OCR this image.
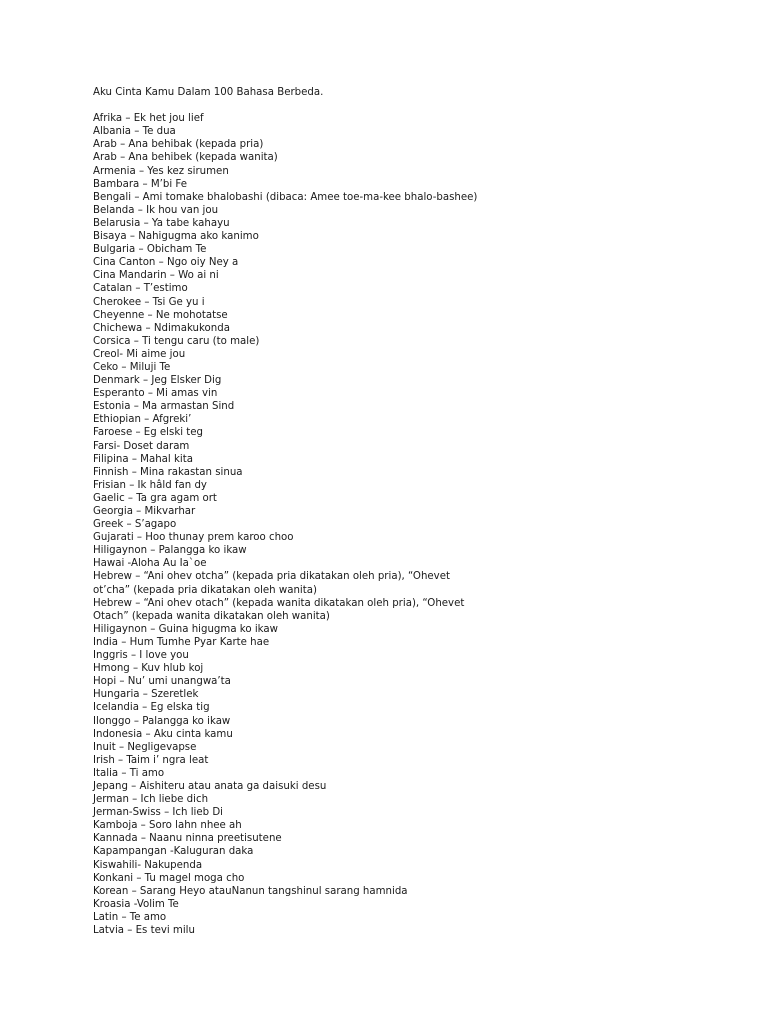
Aku Cinta Kamu Dalam 100 Bahasa Berbeda.
Afrika – Ek het jou lief
Albania – Te dua
Arab – Ana behibak (kepada pria)
Arab – Ana behibek (kepada wanita)
Armenia – Yes kez sirumen
Bambara – M’bi Fe
Bengali – Ami tomake bhalobashi (dibaca: Amee toe-ma-kee bhalo-bashee)
Belanda – Ik hou van jou
Belarusia – Ya tabe kahayu
Bisaya – Nahigugma ako kanimo
Bulgaria – Obicham Te
Cina Canton – Ngo oiy Ney a
Cina Mandarin – Wo ai ni
Catalan – T’estimo
Cherokee – Tsi Ge yu i
Cheyenne – Ne mohotatse
Chichewa – Ndimakukonda
Corsica – Ti tengu caru (to male)
Creol- Mi aime jou
Ceko – Miluji Te
Denmark – Jeg Elsker Dig
Esperanto – Mi amas vin
Estonia – Ma armastan Sind
Ethiopian – Afgreki’
Faroese – Eg elski teg
Farsi- Doset daram
Filipina – Mahal kita
Finnish – Mina rakastan sinua
Frisian – Ik hâld fan dy
Gaelic – Ta gra agam ort
Georgia – Mikvarhar
Greek – S’agapo
Gujarati – Hoo thunay prem karoo choo
Hiligaynon – Palangga ko ikaw
Hawai -Aloha Au Ia`oe
Hebrew – “Ani ohev otcha” (kepada pria dikatakan oleh pria), “Ohevet
ot’cha” (kepada pria dikatakan oleh wanita)
Hebrew – “Ani ohev otach” (kepada wanita dikatakan oleh pria), “Ohevet
Otach” (kepada wanita dikatakan oleh wanita)
Hiligaynon – Guina higugma ko ikaw
India – Hum Tumhe Pyar Karte hae
Inggris – I love you
Hmong – Kuv hlub koj
Hopi – Nu’ umi unangwa’ta
Hungaria – Szeretlek
Icelandia – Eg elska tig
Ilonggo – Palangga ko ikaw
Indonesia – Aku cinta kamu
Inuit – Negligevapse
Irish – Taim i’ ngra leat
Italia – Ti amo
Jepang – Aishiteru atau anata ga daisuki desu
Jerman – Ich liebe dich
Jerman-Swiss – Ich lieb Di
Kamboja – Soro lahn nhee ah
Kannada – Naanu ninna preetisutene
Kapampangan -Kaluguran daka
Kiswahili- Nakupenda
Konkani – Tu magel moga cho
Korean – Sarang Heyo atauNanun tangshinul sarang hamnida
Kroasia -Volim Te
Latin – Te amo
Latvia – Es tevi milu
